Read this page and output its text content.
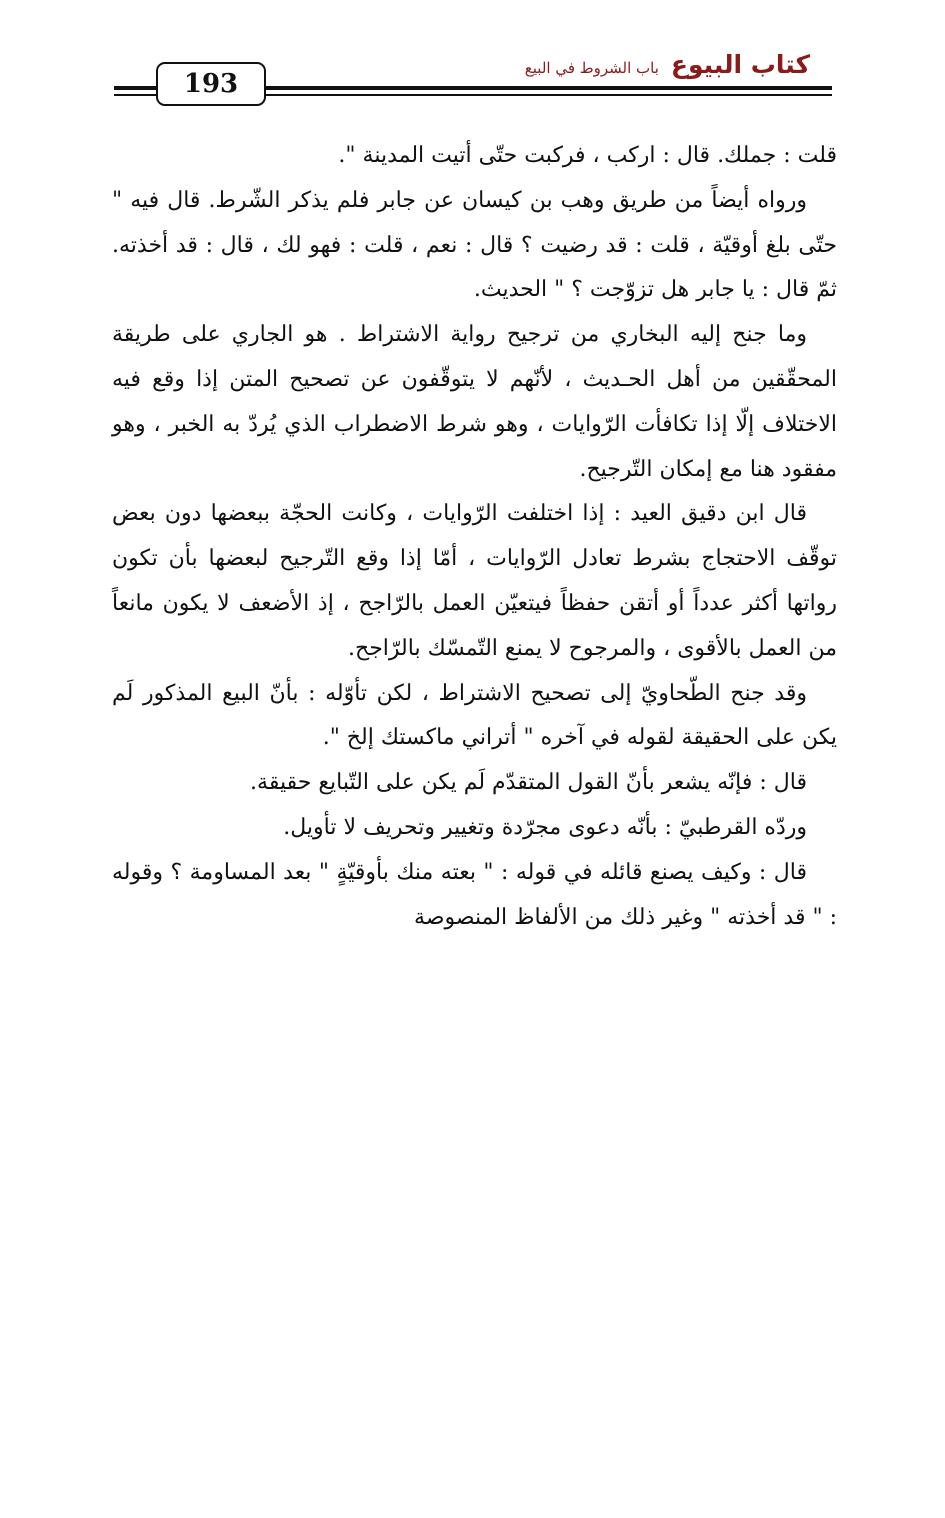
193
كتاب البيوع
باب الشروط في البيع

قلت : جملك. قال : اركب ، فركبت حتّى أتيت المدينة ".

ورواه أيضاً من طريق وهب بن كيسان عن جابر فلم يذكر الشّرط. قال فيه " حتّى بلغ أوقيّة ، قلت : قد رضيت ؟ قال : نعم ، قلت : فهو لك ، قال : قد أخذته. ثمّ قال : يا جابر هل تزوّجت ؟ " الحديث.

وما جنح إليه البخاري من ترجيح رواية الاشتراط . هو الجاري على طريقة المحقّقين من أهل الحـديث ، لأنّهم لا يتوقّفون عن تصحيح المتن إذا وقع فيه الاختلاف إلّا إذا تكافأت الرّوايات ، وهو شرط الاضطراب الذي يُردّ به الخبر ، وهو مفقود هنا مع إمكان التّرجيح.

قال ابن دقيق العيد : إذا اختلفت الرّوايات ، وكانت الحجّة ببعضها دون بعض توقّف الاحتجاج بشرط تعادل الرّوايات ، أمّا إذا وقع التّرجيح لبعضها بأن تكون رواتها أكثر عدداً أو أتقن حفظاً فيتعيّن العمل بالرّاجح ، إذ الأضعف لا يكون مانعاً من العمل بالأقوى ، والمرجوح لا يمنع التّمسّك بالرّاجح.

وقد جنح الطّحاويّ إلى تصحيح الاشتراط ، لكن تأوّله : بأنّ البيع المذكور لَم يكن على الحقيقة لقوله في آخره " أتراني ماكستك إلخ ".

قال : فإنّه يشعر بأنّ القول المتقدّم لَم يكن على التّبايع حقيقة.

وردّه القرطبيّ : بأنّه دعوى مجرّدة وتغيير وتحريف لا تأويل.

قال : وكيف يصنع قائله في قوله : " بعته منك بأوقيّةٍ " بعد المساومة ؟ وقوله : " قد أخذته " وغير ذلك من الألفاظ المنصوصة
